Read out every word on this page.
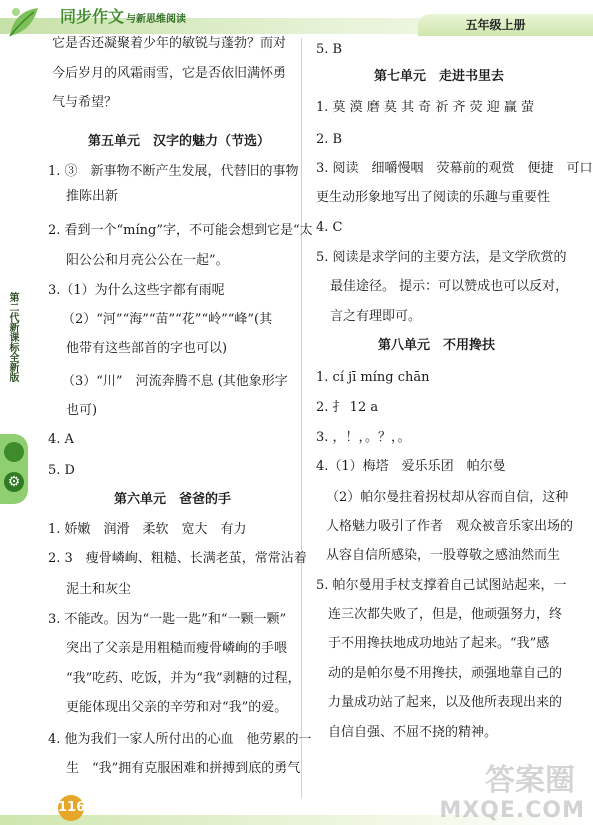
同步作文 与新思维阅读	五年级上册
第二代新课标全新版
⚙
它是否还凝聚着少年的敏锐与蓬勃？而对
今后岁月的风霜雨雪，它是否依旧满怀勇
气与希望？
第五单元　汉字的魅力（节选）
1. ③　新事物不断产生发展，代替旧的事物
推陈出新
2. 看到一个“míng”字，不可能会想到它是“太
阳公公和月亮公公在一起”。
3.（1）为什么这些字都有雨呢
（2）“河”“海”“苗”“花”“岭”“峰”(其
他带有这些部首的字也可以)
（3）“川”　河流奔腾不息 (其他象形字
也可)
4. A
5. D
第六单元　爸爸的手
1. 娇嫩　润滑　柔软　宽大　有力
2. 3　瘦骨嶙峋、粗糙、长满老茧，常常沾着
泥土和灰尘
3. 不能改。因为“一匙一匙”和“一颗一颗”
突出了父亲是用粗糙而瘦骨嶙峋的手喂
“我”吃药、吃饭，并为“我”剥糖的过程，
更能体现出父亲的辛劳和对“我”的爱。
4. 他为我们一家人所付出的心血　他劳累的一
生　“我”拥有克服困难和拼搏到底的勇气
5. B
第七单元　走进书里去
1. 莫 漠 磨 莫 其 奇 祈 齐 荧 迎 赢 萤
2. B
3. 阅读　细嚼慢咽　荧幕前的观赏　便捷　可口
更生动形象地写出了阅读的乐趣与重要性
4. C
5. 阅读是求学问的主要方法，是文学欣赏的
最佳途径。 提示：可以赞成也可以反对，
言之有理即可。
第八单元　不用搀扶
1. cí jī míng chān
2. 扌 12 a
3. ，！，。？，。
4.（1）梅塔　爱乐乐团　帕尔曼
（2）帕尔曼拄着拐杖却从容而自信，这种
人格魅力吸引了作者　观众被音乐家出场的
从容自信所感染，一股尊敬之感油然而生
5. 帕尔曼用手杖支撑着自己试图站起来，一
连三次都失败了，但是，他顽强努力，终
于不用搀扶地成功地站了起来。“我”感
动的是帕尔曼不用搀扶，顽强地靠自己的
力量成功站了起来，以及他所表现出来的
自信自强、不屈不挠的精神。
116
答案圈
MXQE.COM
